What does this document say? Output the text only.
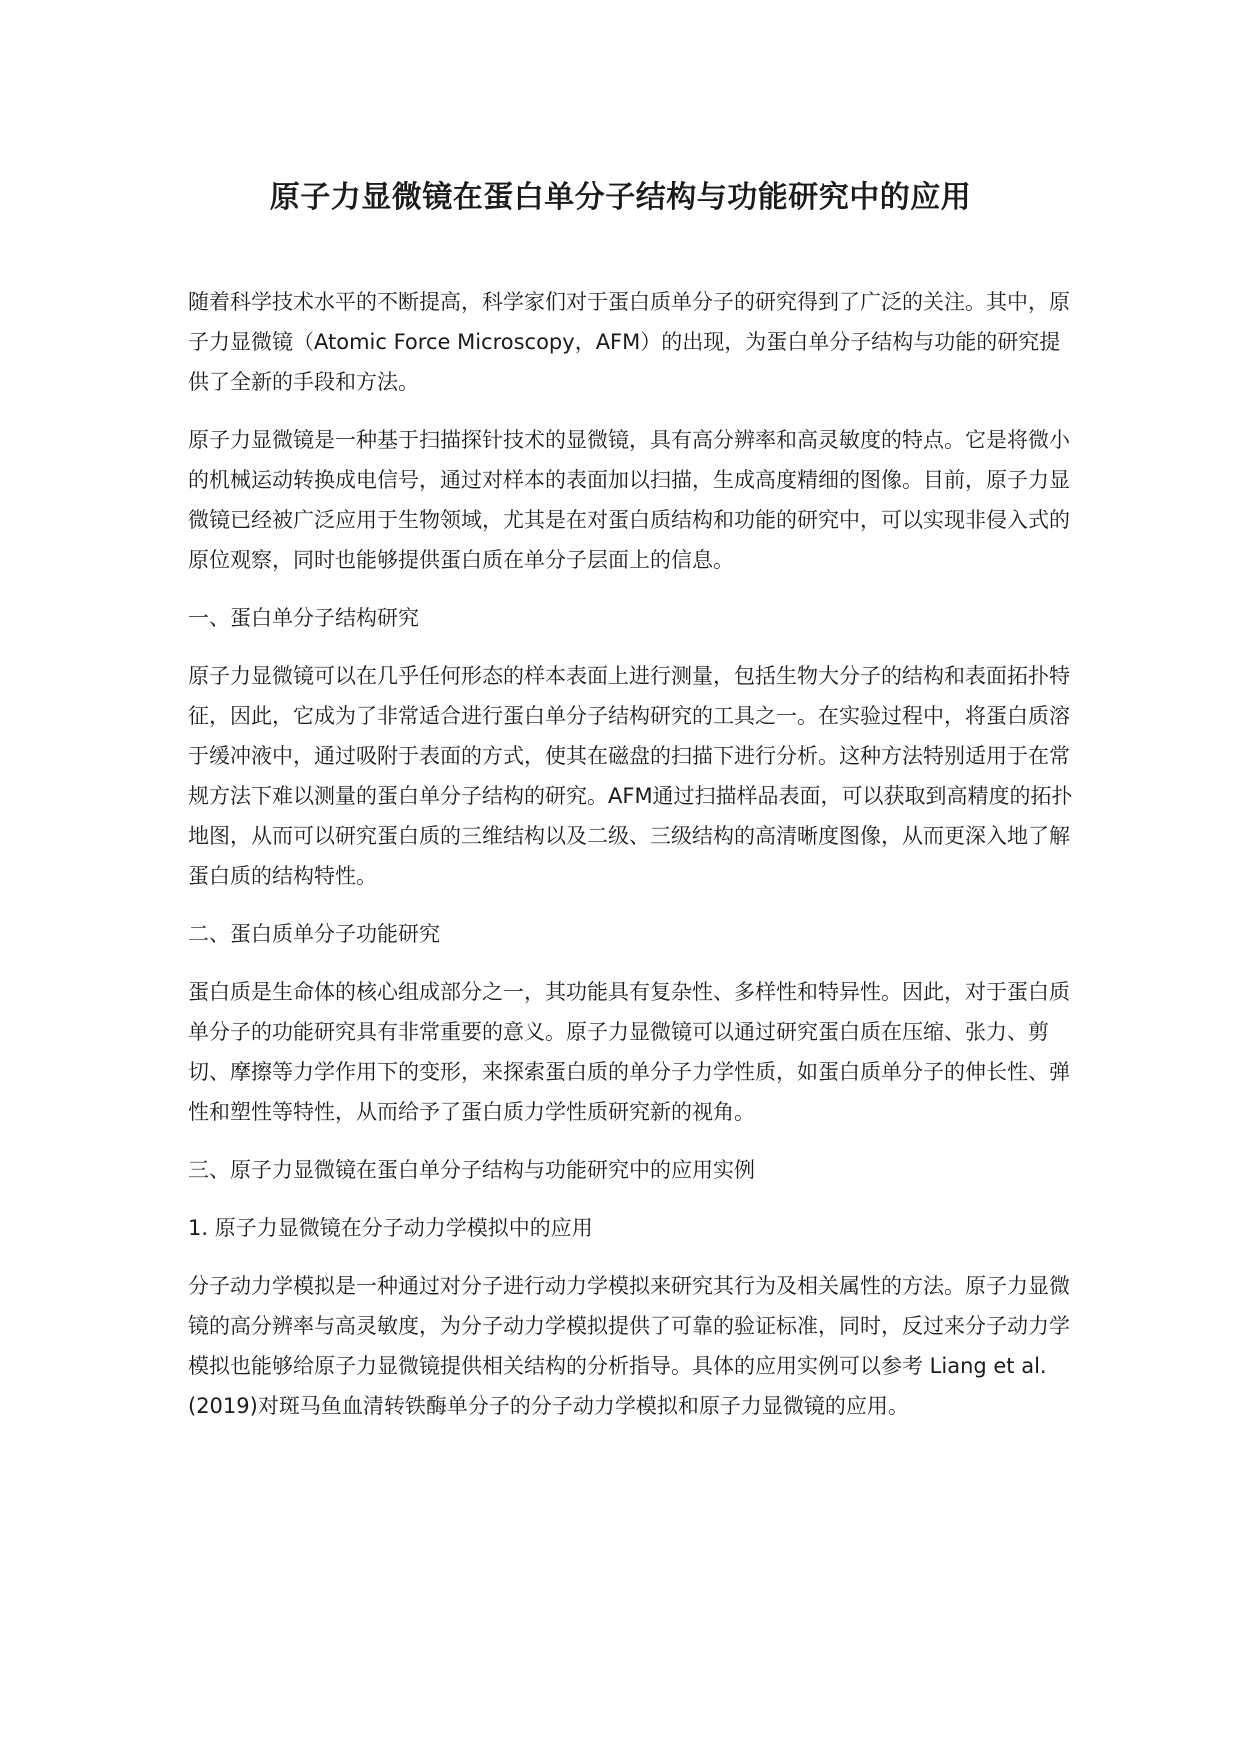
原子力显微镜在蛋白单分子结构与功能研究中的应用

随着科学技术水平的不断提高，科学家们对于蛋白质单分子的研究得到了广泛的关注。其中，原子力显微镜（Atomic Force Microscopy，AFM）的出现，为蛋白单分子结构与功能的研究提供了全新的手段和方法。

原子力显微镜是一种基于扫描探针技术的显微镜，具有高分辨率和高灵敏度的特点。它是将微小的机械运动转换成电信号，通过对样本的表面加以扫描，生成高度精细的图像。目前，原子力显微镜已经被广泛应用于生物领域，尤其是在对蛋白质结构和功能的研究中，可以实现非侵入式的原位观察，同时也能够提供蛋白质在单分子层面上的信息。

一、蛋白单分子结构研究

原子力显微镜可以在几乎任何形态的样本表面上进行测量，包括生物大分子的结构和表面拓扑特征，因此，它成为了非常适合进行蛋白单分子结构研究的工具之一。在实验过程中，将蛋白质溶于缓冲液中，通过吸附于表面的方式，使其在磁盘的扫描下进行分析。这种方法特别适用于在常规方法下难以测量的蛋白单分子结构的研究。AFM通过扫描样品表面，可以获取到高精度的拓扑地图，从而可以研究蛋白质的三维结构以及二级、三级结构的高清晰度图像，从而更深入地了解蛋白质的结构特性。

二、蛋白质单分子功能研究

蛋白质是生命体的核心组成部分之一，其功能具有复杂性、多样性和特异性。因此，对于蛋白质单分子的功能研究具有非常重要的意义。原子力显微镜可以通过研究蛋白质在压缩、张力、剪切、摩擦等力学作用下的变形，来探索蛋白质的单分子力学性质，如蛋白质单分子的伸长性、弹性和塑性等特性，从而给予了蛋白质力学性质研究新的视角。

三、原子力显微镜在蛋白单分子结构与功能研究中的应用实例

1. 原子力显微镜在分子动力学模拟中的应用

分子动力学模拟是一种通过对分子进行动力学模拟来研究其行为及相关属性的方法。原子力显微镜的高分辨率与高灵敏度，为分子动力学模拟提供了可靠的验证标准，同时，反过来分子动力学模拟也能够给原子力显微镜提供相关结构的分析指导。具体的应用实例可以参考 Liang et al. (2019)对斑马鱼血清转铁酶单分子的分子动力学模拟和原子力显微镜的应用。
